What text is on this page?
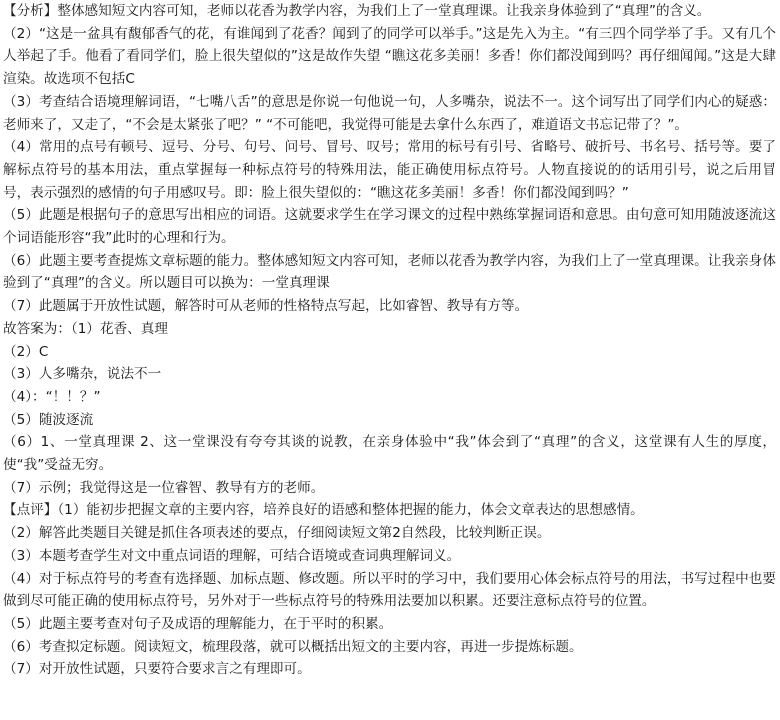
【分析】整体感知短文内容可知，老师以花香为教学内容，为我们上了一堂真理课。让我亲身体验到了“真理”的含义。
（2）“这是一盆具有馥郁香气的花，有谁闻到了花香？闻到了的同学可以举手。”这是先入为主。“有三四个同学举了手。又有几个人举起了手。他看了看同学们，脸上很失望似的”这是故作失望 “瞧这花多美丽！多香！你们都没闻到吗？再仔细闻闻。”这是大肆渲染。故选项不包括C
（3）考查结合语境理解词语，“七嘴八舌”的意思是你说一句他说一句，人多嘴杂，说法不一。这个词写出了同学们内心的疑惑：老师来了，又走了，“不会是太紧张了吧？” “不可能吧，我觉得可能是去拿什么东西了，难道语文书忘记带了？”。
（4）常用的点号有顿号、逗号、分号、句号、问号、冒号、叹号；常用的标号有引号、省略号、破折号、书名号、括号等。要了解标点符号的基本用法，重点掌握每一种标点符号的特殊用法，能正确使用标点符号。人物直接说的的话用引号，说之后用冒号，表示强烈的感情的句子用感叹号。即：脸上很失望似的：“瞧这花多美丽！多香！你们都没闻到吗？”
（5）此题是根据句子的意思写出相应的词语。这就要求学生在学习课文的过程中熟练掌握词语和意思。由句意可知用随波逐流这个词语能形容“我”此时的心理和行为。
（6）此题主要考查提炼文章标题的能力。整体感知短文内容可知，老师以花香为教学内容，为我们上了一堂真理课。让我亲身体验到了“真理”的含义。所以题目可以换为：一堂真理课
（7）此题属于开放性试题，解答时可从老师的性格特点写起，比如睿智、教导有方等。
故答案为：（1）花香、真理
（2）C
（3）人多嘴杂，说法不一
（4）：“！！？”
（5）随波逐流
（6）1、一堂真理课 2、这一堂课没有夸夸其谈的说教，在亲身体验中“我”体会到了“真理”的含义，这堂课有人生的厚度，使“我”受益无穷。
（7）示例；我觉得这是一位睿智、教导有方的老师。
【点评】（1）能初步把握文章的主要内容，培养良好的语感和整体把握的能力，体会文章表达的思想感情。
（2）解答此类题目关键是抓住各项表述的要点，仔细阅读短文第2自然段，比较判断正误。
（3）本题考查学生对文中重点词语的理解，可结合语境或查词典理解词义。
（4）对于标点符号的考查有选择题、加标点题、修改题。所以平时的学习中，我们要用心体会标点符号的用法，书写过程中也要做到尽可能正确的使用标点符号，另外对于一些标点符号的特殊用法要加以积累。还要注意标点符号的位置。
（5）此题主要考查对句子及成语的理解能力，在于平时的积累。
（6）考查拟定标题。阅读短文，梳理段落，就可以概括出短文的主要内容，再进一步提炼标题。
（7）对开放性试题，只要符合要求言之有理即可。
